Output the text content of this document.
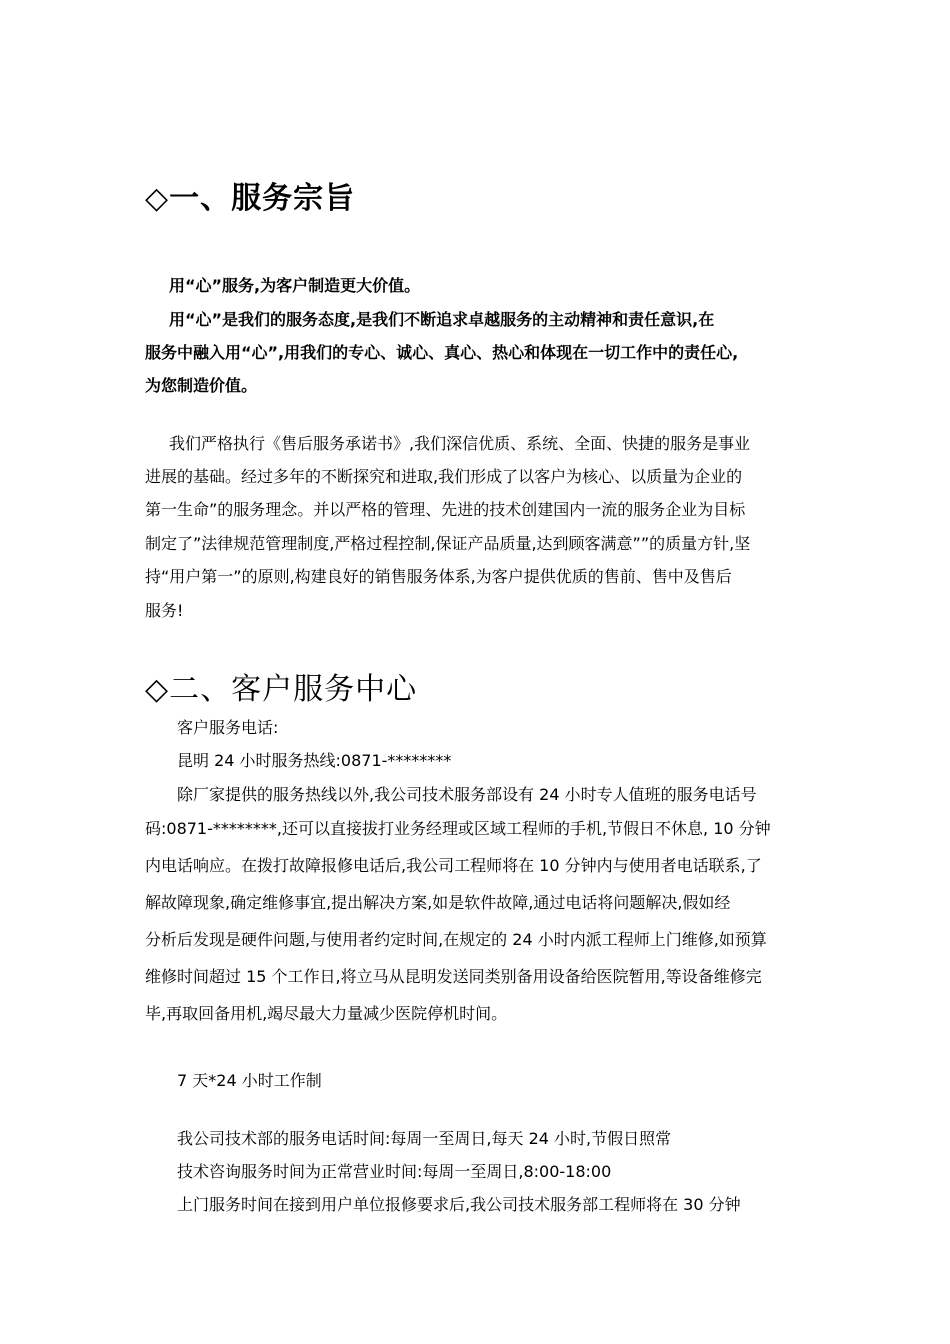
◇一、服务宗旨
用“心”服务,为客户制造更大价值。
用“心”是我们的服务态度,是我们不断追求卓越服务的主动精神和责任意识,在
服务中融入用“心”,用我们的专心、诚心、真心、热心和体现在一切工作中的责任心,
为您制造价值。
我们严格执行《售后服务承诺书》,我们深信优质、系统、全面、快捷的服务是事业
进展的基础。经过多年的不断探究和进取,我们形成了以客户为核心、以质量为企业的
第一生命”的服务理念。并以严格的管理、先进的技术创建国内一流的服务企业为目标
制定了”法律规范管理制度,严格过程控制,保证产品质量,达到顾客满意””的质量方针,坚
持“用户第一”的原则,构建良好的销售服务体系,为客户提供优质的售前、售中及售后
服务!
◇二、客户服务中心
客户服务电话:
昆明 24 小时服务热线:0871-********
除厂家提供的服务热线以外,我公司技术服务部设有 24 小时专人值班的服务电话号
码:0871-********,还可以直接拔打业务经理或区域工程师的手机,节假日不休息, 10 分钟
内电话响应。在拨打故障报修电话后,我公司工程师将在 10 分钟内与使用者电话联系,了
解故障现象,确定维修事宜,提出解决方案,如是软件故障,通过电话将问题解决,假如经
分析后发现是硬件问题,与使用者约定时间,在规定的 24 小时内派工程师上门维修,如预算
维修时间超过 15 个工作日,将立马从昆明发送同类别备用设备给医院暂用,等设备维修完
毕,再取回备用机,竭尽最大力量减少医院停机时间。
7 天*24 小时工作制
我公司技术部的服务电话时间:每周一至周日,每天 24 小时,节假日照常
技术咨询服务时间为正常营业时间:每周一至周日,8:00-18:00
上门服务时间在接到用户单位报修要求后,我公司技术服务部工程师将在 30 分钟
